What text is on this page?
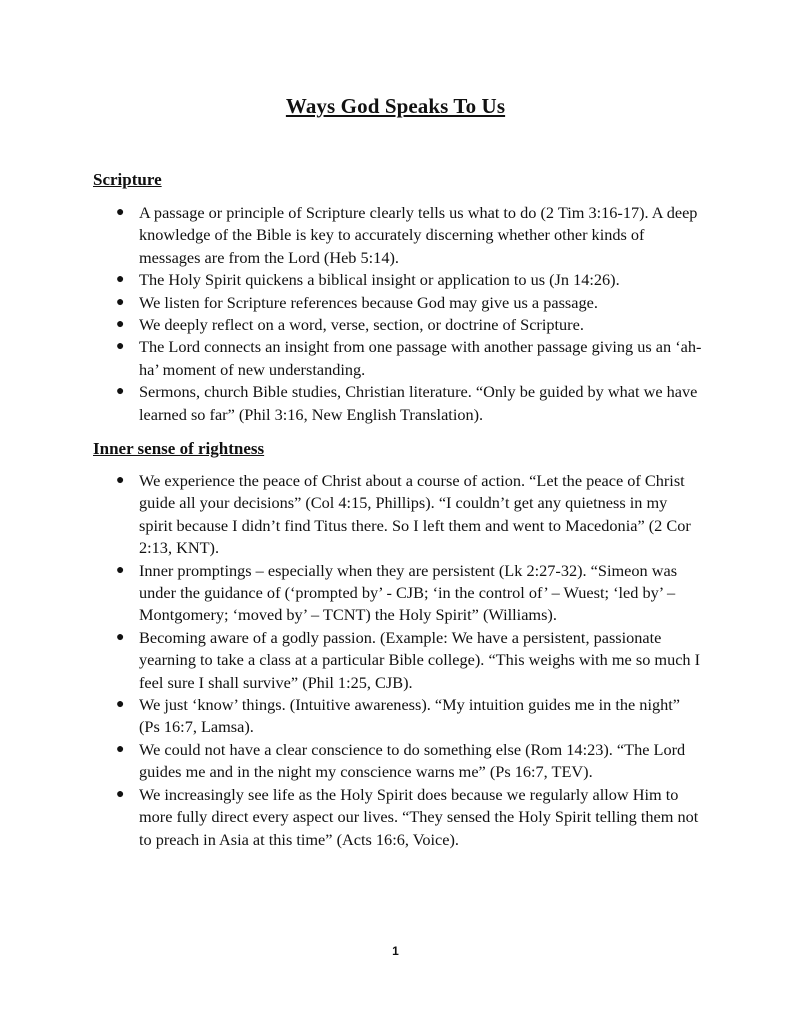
Ways God Speaks To Us
Scripture
● A passage or principle of Scripture clearly tells us what to do (2 Tim 3:16-17). A deep knowledge of the Bible is key to accurately discerning whether other kinds of messages are from the Lord (Heb 5:14).
● The Holy Spirit quickens a biblical insight or application to us (Jn 14:26).
● We listen for Scripture references because God may give us a passage.
● We deeply reflect on a word, verse, section, or doctrine of Scripture.
● The Lord connects an insight from one passage with another passage giving us an ‘ah-ha’ moment of new understanding.
● Sermons, church Bible studies, Christian literature. “Only be guided by what we have learned so far” (Phil 3:16, New English Translation).
Inner sense of rightness
● We experience the peace of Christ about a course of action. “Let the peace of Christ guide all your decisions” (Col 4:15, Phillips). “I couldn’t get any quietness in my spirit because I didn’t find Titus there. So I left them and went to Macedonia” (2 Cor 2:13, KNT).
● Inner promptings – especially when they are persistent (Lk 2:27-32). “Simeon was under the guidance of (‘prompted by’ - CJB; ‘in the control of’ – Wuest; ‘led by’ – Montgomery; ‘moved by’ – TCNT) the Holy Spirit” (Williams).
● Becoming aware of a godly passion. (Example: We have a persistent, passionate yearning to take a class at a particular Bible college). “This weighs with me so much I feel sure I shall survive” (Phil 1:25, CJB).
● We just ‘know’ things. (Intuitive awareness). “My intuition guides me in the night” (Ps 16:7, Lamsa).
● We could not have a clear conscience to do something else (Rom 14:23). “The Lord guides me and in the night my conscience warns me” (Ps 16:7, TEV).
● We increasingly see life as the Holy Spirit does because we regularly allow Him to more fully direct every aspect our lives. “They sensed the Holy Spirit telling them not to preach in Asia at this time” (Acts 16:6, Voice).
1
